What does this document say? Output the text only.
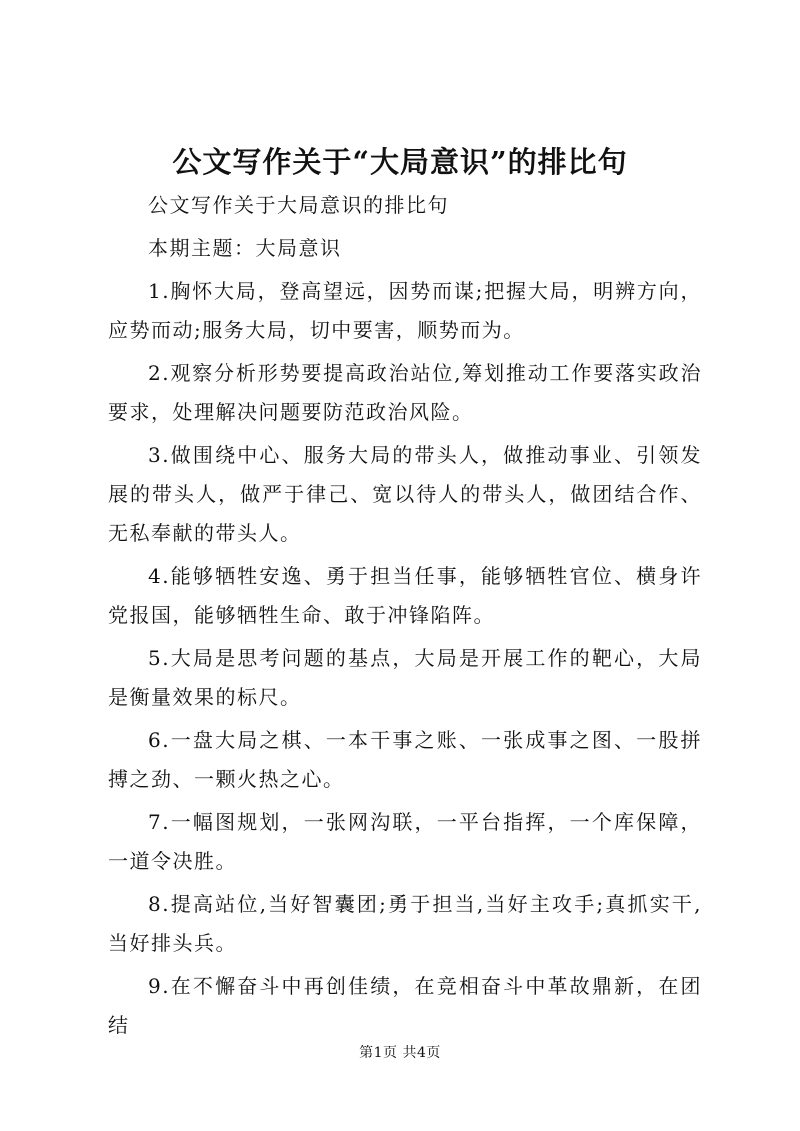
公文写作关于“大局意识”的排比句

公文写作关于大局意识的排比句

本期主题：大局意识

1.胸怀大局，登高望远，因势而谋;把握大局，明辨方向，应势而动;服务大局，切中要害，顺势而为。

2.观察分析形势要提高政治站位,筹划推动工作要落实政治要求，处理解决问题要防范政治风险。

3.做围绕中心、服务大局的带头人，做推动事业、引领发展的带头人，做严于律己、宽以待人的带头人，做团结合作、无私奉献的带头人。

4.能够牺牲安逸、勇于担当任事，能够牺牲官位、横身许党报国，能够牺牲生命、敢于冲锋陷阵。

5.大局是思考问题的基点，大局是开展工作的靶心，大局是衡量效果的标尺。

6.一盘大局之棋、一本干事之账、一张成事之图、一股拼搏之劲、一颗火热之心。

7.一幅图规划，一张网沟联，一平台指挥，一个库保障，一道令决胜。

8.提高站位,当好智囊团;勇于担当,当好主攻手;真抓实干,当好排头兵。

9.在不懈奋斗中再创佳绩，在竞相奋斗中革故鼎新，在团结

第1页 共4页
